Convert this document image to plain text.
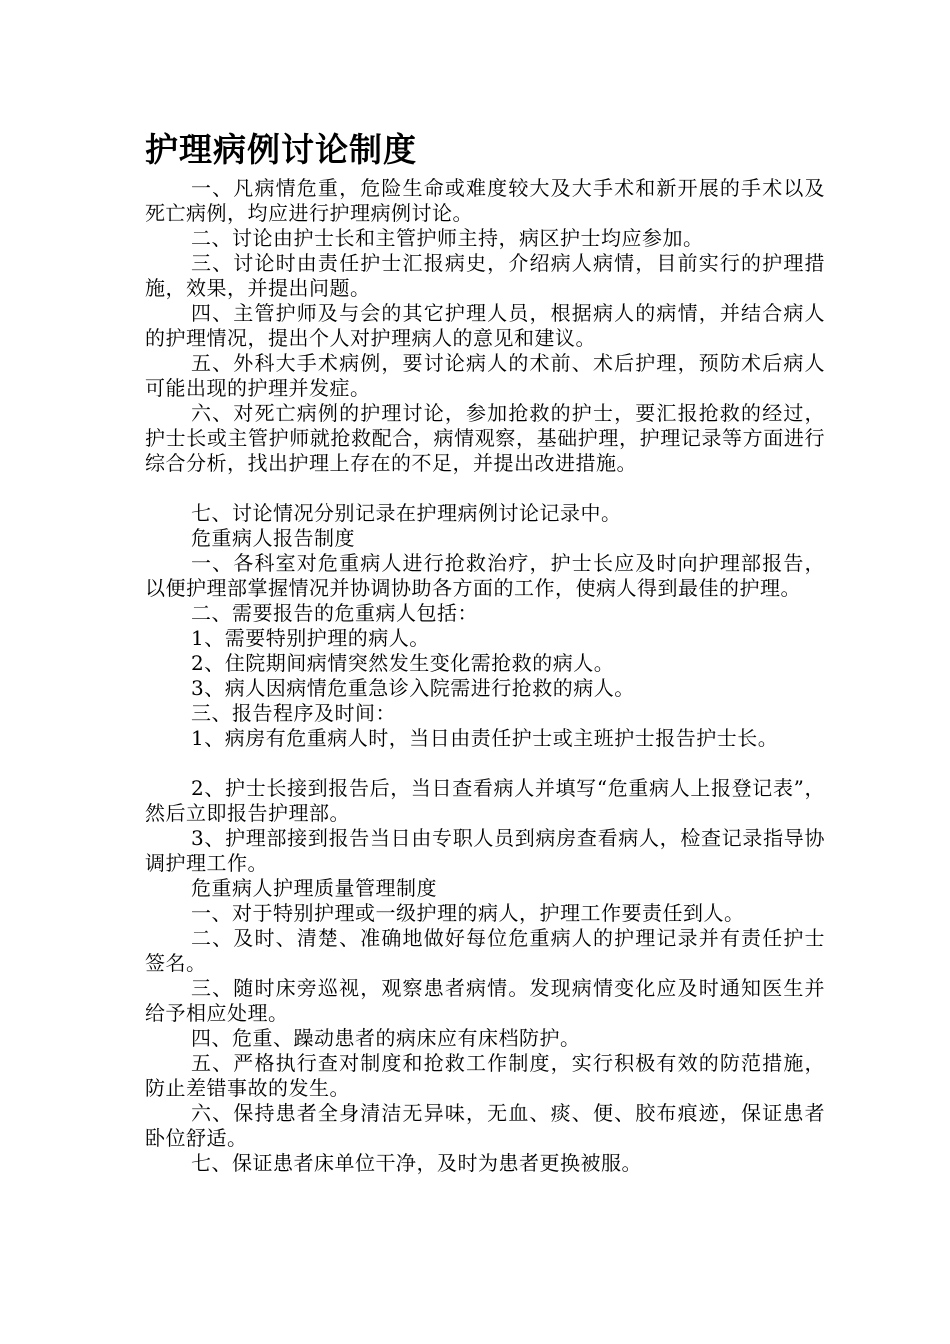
护理病例讨论制度

一、凡病情危重，危险生命或难度较大及大手术和新开展的手术以及死亡病例，均应进行护理病例讨论。

二、讨论由护士长和主管护师主持，病区护士均应参加。

三、讨论时由责任护士汇报病史，介绍病人病情，目前实行的护理措施，效果，并提出问题。

四、主管护师及与会的其它护理人员，根据病人的病情，并结合病人的护理情况，提出个人对护理病人的意见和建议。

五、外科大手术病例，要讨论病人的术前、术后护理，预防术后病人可能出现的护理并发症。

六、对死亡病例的护理讨论，参加抢救的护士，要汇报抢救的经过，护士长或主管护师就抢救配合，病情观察，基础护理，护理记录等方面进行综合分析，找出护理上存在的不足，并提出改进措施。

七、讨论情况分别记录在护理病例讨论记录中。

危重病人报告制度

一、各科室对危重病人进行抢救治疗，护士长应及时向护理部报告，以便护理部掌握情况并协调协助各方面的工作，使病人得到最佳的护理。

二、需要报告的危重病人包括：

1、需要特别护理的病人。

2、住院期间病情突然发生变化需抢救的病人。

3、病人因病情危重急诊入院需进行抢救的病人。

三、报告程序及时间：

1、病房有危重病人时，当日由责任护士或主班护士报告护士长。

2、护士长接到报告后，当日查看病人并填写“危重病人上报登记表”，然后立即报告护理部。

3、护理部接到报告当日由专职人员到病房查看病人，检查记录指导协调护理工作。

危重病人护理质量管理制度

一、对于特别护理或一级护理的病人，护理工作要责任到人。

二、及时、清楚、准确地做好每位危重病人的护理记录并有责任护士签名。

三、随时床旁巡视，观察患者病情。发现病情变化应及时通知医生并给予相应处理。

四、危重、躁动患者的病床应有床档防护。

五、严格执行查对制度和抢救工作制度，实行积极有效的防范措施，防止差错事故的发生。

六、保持患者全身清洁无异味，无血、痰、便、胶布痕迹，保证患者卧位舒适。

七、保证患者床单位干净，及时为患者更换被服。
